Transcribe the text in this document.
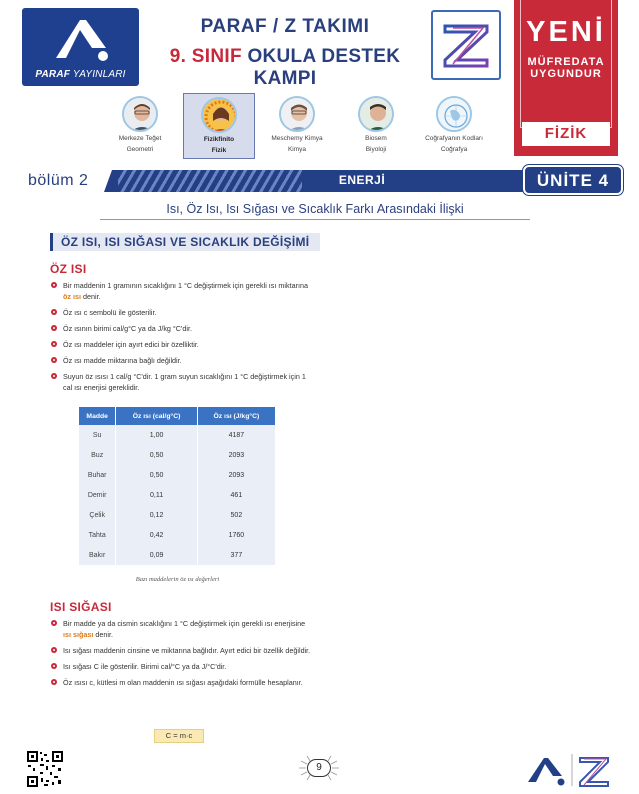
PARAF YAYINLARI
PARAF / Z TAKIMI
9. SINIF OKULA DESTEK KAMPI
YENİ
MÜFREDATA
UYGUNDUR
FİZİK
Merkeze Teğet
Geometri
Fizikfinito
Fizik
Meschemy Kimya
Kimya
Biosem
Biyoloji
Coğrafyanın Kodları
Coğrafya
bölüm 2	ENERJİ	ÜNİTE 4
Isı, Öz Isı, Isı Sığası ve Sıcaklık Farkı Arasındaki İlişki
ÖZ ISI, ISI SIĞASI VE SICAKLIK DEĞİŞİMİ
ÖZ ISI
Bir maddenin 1 gramının sıcaklığını 1 °C değiştirmek için gerekli ısı miktarına öz ısı denir.
Öz ısı c sembolü ile gösterilir.
Öz ısının birimi cal/g°C ya da J/kg °C'dir.
Öz ısı maddeler için ayırt edici bir özelliktir.
Öz ısı madde miktarına bağlı değildir.
Suyun öz ısısı 1 cal/g °C'dir. 1 gram suyun sıcaklığını 1 °C değiştirmek için 1 cal ısı enerjisi gereklidir.
Madde	Öz ısı (cal/g°C)	Öz ısı (J/kg°C)
Su	1,00	4187
Buz	0,50	2093
Buhar	0,50	2093
Demir	0,11	461
Çelik	0,12	502
Tahta	0,42	1760
Bakır	0,09	377
Bazı maddelerin öz ısı değerleri
ISI SIĞASI
Bir madde ya da cismin sıcaklığını 1 °C değiştirmek için gerekli ısı enerjisine ısı sığası denir.
Isı sığası maddenin cinsine ve miktarına bağlıdır. Ayırt edici bir özellik değildir.
Isı sığası C ile gösterilir. Birimi cal/°C ya da J/°C'dir.
Öz ısısı c, kütlesi m olan maddenin ısı sığası aşağıdaki formülle hesaplanır.
C = m·c
9
